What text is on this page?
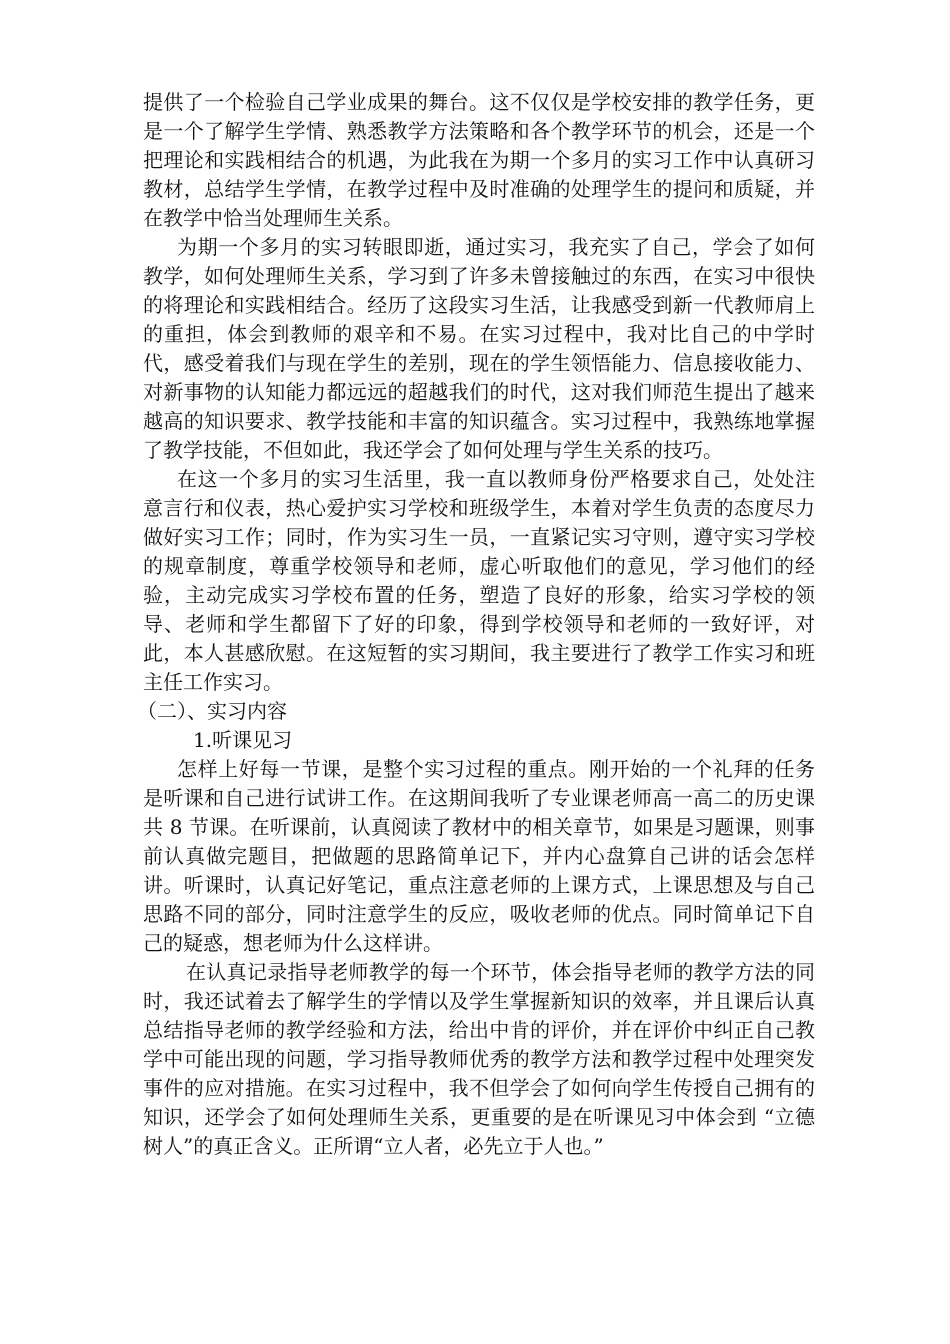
提供了一个检验自己学业成果的舞台。这不仅仅是学校安排的教学任务，更是一个了解学生学情、熟悉教学方法策略和各个教学环节的机会，还是一个把理论和实践相结合的机遇，为此我在为期一个多月的实习工作中认真研习教材，总结学生学情，在教学过程中及时准确的处理学生的提问和质疑，并在教学中恰当处理师生关系。

为期一个多月的实习转眼即逝，通过实习，我充实了自己，学会了如何教学，如何处理师生关系，学习到了许多未曾接触过的东西，在实习中很快的将理论和实践相结合。经历了这段实习生活，让我感受到新一代教师肩上的重担，体会到教师的艰辛和不易。在实习过程中，我对比自己的中学时代，感受着我们与现在学生的差别，现在的学生领悟能力、信息接收能力、对新事物的认知能力都远远的超越我们的时代，这对我们师范生提出了越来越高的知识要求、教学技能和丰富的知识蕴含。实习过程中，我熟练地掌握了教学技能，不但如此，我还学会了如何处理与学生关系的技巧。

在这一个多月的实习生活里，我一直以教师身份严格要求自己，处处注意言行和仪表，热心爱护实习学校和班级学生，本着对学生负责的态度尽力做好实习工作；同时，作为实习生一员，一直紧记实习守则，遵守实习学校的规章制度，尊重学校领导和老师，虚心听取他们的意见，学习他们的经验，主动完成实习学校布置的任务，塑造了良好的形象，给实习学校的领导、老师和学生都留下了好的印象，得到学校领导和老师的一致好评，对此，本人甚感欣慰。在这短暂的实习期间，我主要进行了教学工作实习和班主任工作实习。

（二）、实习内容

1.听课见习

怎样上好每一节课，是整个实习过程的重点。刚开始的一个礼拜的任务是听课和自己进行试讲工作。在这期间我听了专业课老师高一高二的历史课共 8 节课。在听课前，认真阅读了教材中的相关章节，如果是习题课，则事前认真做完题目，把做题的思路简单记下，并内心盘算自己讲的话会怎样讲。听课时，认真记好笔记，重点注意老师的上课方式，上课思想及与自己思路不同的部分，同时注意学生的反应，吸收老师的优点。同时简单记下自己的疑惑，想老师为什么这样讲。

在认真记录指导老师教学的每一个环节，体会指导老师的教学方法的同时，我还试着去了解学生的学情以及学生掌握新知识的效率，并且课后认真总结指导老师的教学经验和方法，给出中肯的评价，并在评价中纠正自己教学中可能出现的问题，学习指导教师优秀的教学方法和教学过程中处理突发事件的应对措施。在实习过程中，我不但学会了如何向学生传授自己拥有的知识，还学会了如何处理师生关系，更重要的是在听课见习中体会到 “立德树人”的真正含义。正所谓“立人者，必先立于人也。”
